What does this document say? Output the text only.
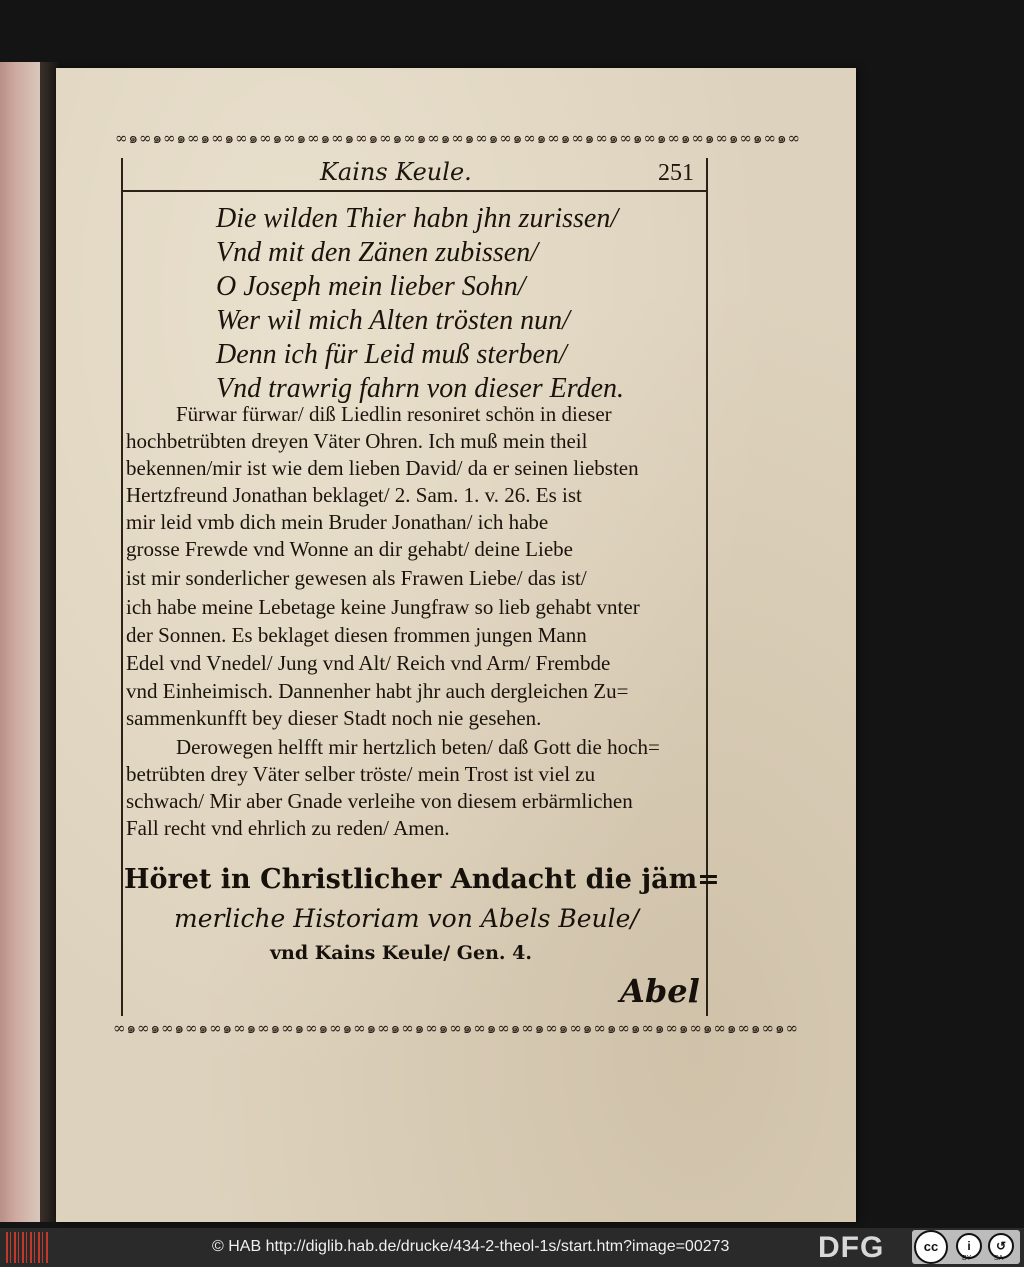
∞๑∞๑∞๑∞๑∞๑∞๑∞๑∞๑∞๑∞๑∞๑∞๑∞๑∞๑∞๑∞๑∞๑∞๑∞๑∞๑∞๑∞๑∞๑∞๑∞๑∞๑∞๑∞๑∞
Kains Keule.	251
Die wilden Thier habn jhn zurissen/
Vnd mit den Zänen zubissen/
O Joseph mein lieber Sohn/
Wer wil mich Alten trösten nun/
Denn ich für Leid muß sterben/
Vnd trawrig fahrn von dieser Erden.
Fürwar fürwar/ diß Liedlin resoniret schön in dieser
hochbetrübten dreyen Väter Ohren. Ich muß mein theil
bekennen/mir ist wie dem lieben David/ da er seinen liebsten
Hertzfreund Jonathan beklaget/ 2. Sam. 1. v. 26. Es ist
mir leid vmb dich mein Bruder Jonathan/ ich habe
grosse Frewde vnd Wonne an dir gehabt/ deine Liebe
ist mir sonderlicher gewesen als Frawen Liebe/ das ist/
ich habe meine Lebetage keine Jungfraw so lieb gehabt vnter
der Sonnen. Es beklaget diesen frommen jungen Mann
Edel vnd Vnedel/ Jung vnd Alt/ Reich vnd Arm/ Frembde
vnd Einheimisch. Dannenher habt jhr auch dergleichen Zu=
sammenkunfft bey dieser Stadt noch nie gesehen.
Derowegen helfft mir hertzlich beten/ daß Gott die hoch=
betrübten drey Väter selber tröste/ mein Trost ist viel zu
schwach/ Mir aber Gnade verleihe von diesem erbärmlichen
Fall recht vnd ehrlich zu reden/ Amen.
Höret in Christlicher Andacht die jäm=
merliche Historiam von Abels Beule/
vnd Kains Keule/ Gen. 4.
Abel
∞๑∞๑∞๑∞๑∞๑∞๑∞๑∞๑∞๑∞๑∞๑∞๑∞๑∞๑∞๑∞๑∞๑∞๑∞๑∞๑∞๑∞๑∞๑∞๑∞๑∞๑∞๑∞๑∞
© HAB http://diglib.hab.de/drucke/434-2-theol-1s/start.htm?image=00273	DFG	cc	i	↺
BY	SA
